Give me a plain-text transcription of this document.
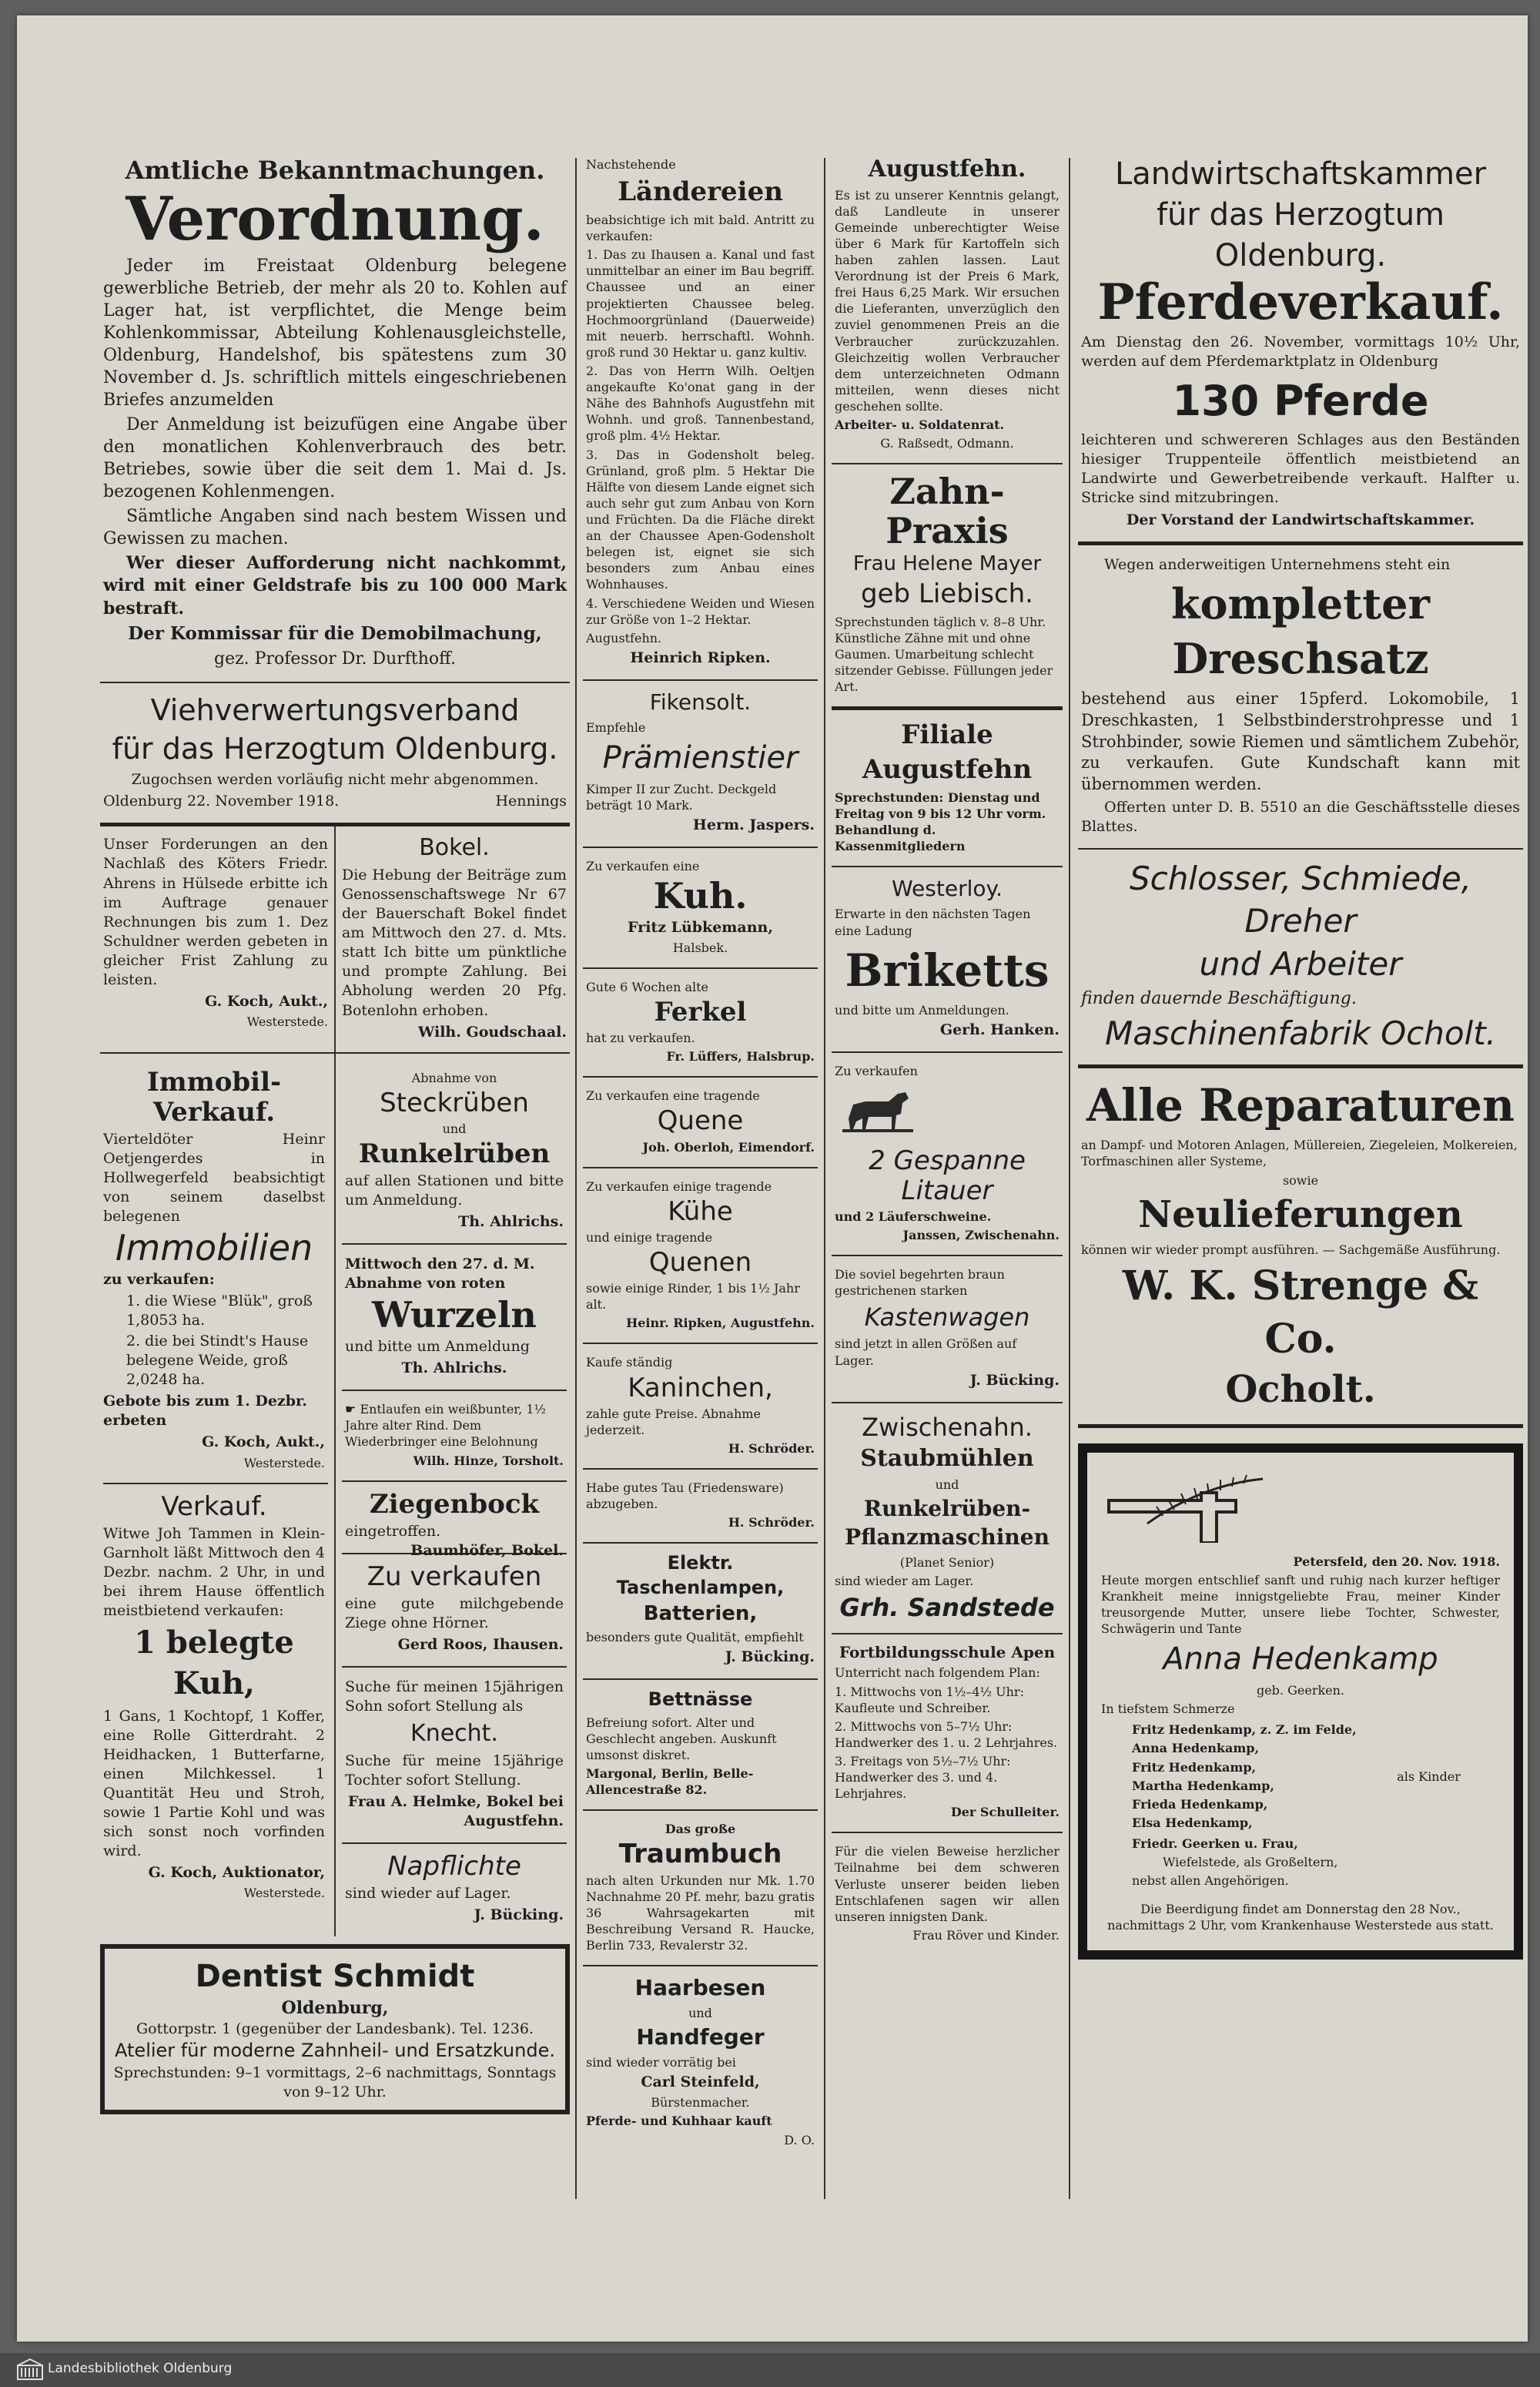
Amtliche Bekanntmachungen.
Verordnung.

Jeder im Freistaat Oldenburg belegene gewerbliche Betrieb, der mehr als 20 to. Kohlen auf Lager hat, ist verpflichtet, die Menge beim Kohlenkommissar, Abteilung Kohlenausgleichstelle, Oldenburg, Handelshof, bis spätestens zum 30 November d. Js. schriftlich mittels eingeschriebenen Briefes anzumelden

Der Anmeldung ist beizufügen eine Angabe über den monatlichen Kohlenverbrauch des betr. Betriebes, sowie über die seit dem 1. Mai d. Js. bezogenen Kohlenmengen.

Sämtliche Angaben sind nach bestem Wissen und Gewissen zu machen.

Wer dieser Aufforderung nicht nachkommt, wird mit einer Geldstrafe bis zu 100 000 Mark bestraft.

Der Kommissar für die Demobilmachung,

gez. Professor Dr. Durfthoff.

Viehverwertungsverband
für das Herzogtum Oldenburg.

Zugochsen werden vorläufig nicht mehr abgenommen.

Oldenburg 22. November 1918.	Hennings

Unser Forderungen an den Nachlaß des Köters Friedr. Ahrens in Hülsede erbitte ich im Auftrage genauer Rechnungen bis zum 1. Dez Schuldner werden gebeten in gleicher Frist Zahlung zu leisten.

G. Koch, Aukt.,

Westerstede.

Bokel.

Die Hebung der Beiträge zum Genossenschaftswege Nr 67 der Bauerschaft Bokel findet am Mittwoch den 27. d. Mts. statt Ich bitte um pünktliche und prompte Zahlung. Bei Abholung werden 20 Pfg. Botenlohn erhoben.

Wilh. Goudschaal.

Immobil-Verkauf.

Vierteldöter Heinr Oetjengerdes in Hollwegerfeld beabsichtigt von seinem daselbst belegenen

Immobilien

zu verkaufen:

1. die Wiese "Blük", groß 1,8053 ha.

2. die bei Stindt's Hause belegene Weide, groß 2,0248 ha.

Gebote bis zum 1. Dezbr. erbeten

G. Koch, Aukt.,

Westerstede.

Verkauf.

Witwe Joh Tammen in Klein-Garnholt läßt Mittwoch den 4 Dezbr. nachm. 2 Uhr, in und bei ihrem Hause öffentlich meistbietend verkaufen:

1 belegte Kuh,

1 Gans, 1 Kochtopf, 1 Koffer, eine Rolle Gitterdraht. 2 Heidhacken, 1 Butterfarne, einen Milchkessel. 1 Quantität Heu und Stroh, sowie 1 Partie Kohl und was sich sonst noch vorfinden wird.

G. Koch, Auktionator,

Westerstede.

Abnahme von

Steckrüben

und

Runkelrüben

auf allen Stationen und bitte um Anmeldung.

Th. Ahlrichs.

Mittwoch den 27. d. M. Abnahme von roten

Wurzeln

und bitte um Anmeldung

Th. Ahlrichs.

☛ Entlaufen ein weißbunter, 1½ Jahre alter Rind. Dem Wiederbringer eine Belohnung

Wilh. Hinze, Torsholt.

Ziegenbock

eingetroffen.
Baumhöfer, Bokel.

Zu verkaufen

eine gute milchgebende Ziege ohne Hörner.

Gerd Roos, Ihausen.

Suche für meinen 15jährigen Sohn sofort Stellung als

Knecht.

Suche für meine 15jährige Tochter sofort Stellung.

Frau A. Helmke, Bokel bei Augustfehn.

Napflichte

sind wieder auf Lager.

J. Bücking.

Dentist Schmidt
Oldenburg,
Gottorpstr. 1 (gegenüber der Landesbank). Tel. 1236.
Atelier für moderne Zahnheil- und Ersatzkunde.
Sprechstunden: 9–1 vormittags, 2–6 nachmittags, Sonntags von 9–12 Uhr.

Nachstehende

Ländereien

beabsichtige ich mit bald. Antritt zu verkaufen:

1. Das zu Ihausen a. Kanal und fast unmittelbar an einer im Bau begriff. Chaussee und an einer projektierten Chaussee beleg. Hochmoorgrünland (Dauerweide) mit neuerb. herrschaftl. Wohnh. groß rund 30 Hektar u. ganz kultiv.

2. Das von Herrn Wilh. Oeltjen angekaufte Ko'onat gang in der Nähe des Bahnhofs Augustfehn mit Wohnh. und groß. Tannenbestand, groß plm. 4½ Hektar.

3. Das in Godensholt beleg. Grünland, groß plm. 5 Hektar Die Hälfte von diesem Lande eignet sich auch sehr gut zum Anbau von Korn und Früchten. Da die Fläche direkt an der Chaussee Apen-Godensholt belegen ist, eignet sie sich besonders zum Anbau eines Wohnhauses.

4. Verschiedene Weiden und Wiesen zur Größe von 1–2 Hektar.

Augustfehn.

Heinrich Ripken.

Fikensolt.

Empfehle

Prämienstier

Kimper II zur Zucht. Deckgeld beträgt 10 Mark.

Herm. Jaspers.

Zu verkaufen eine

Kuh.

Fritz Lübkemann,

Halsbek.

Gute 6 Wochen alte

Ferkel

hat zu verkaufen.

Fr. Lüffers, Halsbrup.

Zu verkaufen eine tragende

Quene

Joh. Oberloh, Eimendorf.

Zu verkaufen einige tragende

Kühe

und einige tragende

Quenen

sowie einige Rinder, 1 bis 1½ Jahr alt.

Heinr. Ripken, Augustfehn.

Kaufe ständig

Kaninchen,

zahle gute Preise. Abnahme jederzeit.

H. Schröder.

Habe gutes Tau (Friedensware) abzugeben.

H. Schröder.

Elektr. Taschenlampen,
Batterien,

besonders gute Qualität, empfiehlt

J. Bücking.

Bettnässe

Befreiung sofort. Alter und Geschlecht angeben. Auskunft umsonst diskret.

Margonal, Berlin, Belle-Allencestraße 82.

Das große

Traumbuch

nach alten Urkunden nur Mk. 1.70 Nachnahme 20 Pf. mehr, bazu gratis 36 Wahrsagekarten mit Beschreibung Versand R. Haucke, Berlin 733, Revalerstr 32.

Haarbesen

und

Handfeger

sind wieder vorrätig bei

Carl Steinfeld,

Bürstenmacher.

Pferde- und Kuhhaar kauft

D. O.

Augustfehn.

Es ist zu unserer Kenntnis gelangt, daß Landleute in unserer Gemeinde unberechtigter Weise über 6 Mark für Kartoffeln sich haben zahlen lassen. Laut Verordnung ist der Preis 6 Mark, frei Haus 6,25 Mark. Wir ersuchen die Lieferanten, unverzüglich den zuviel genommenen Preis an die Verbraucher zurückzuzahlen. Gleichzeitig wollen Verbraucher dem unterzeichneten Odmann mitteilen, wenn dieses nicht geschehen sollte.

Arbeiter- u. Soldatenrat.

G. Raßsedt, Odmann.

Zahn-Praxis
Frau Helene Mayer
geb Liebisch.

Sprechstunden täglich v. 8–8 Uhr. Künstliche Zähne mit und ohne Gaumen. Umarbeitung schlecht sitzender Gebisse. Füllungen jeder Art.

Filiale Augustfehn

Sprechstunden: Dienstag und Freitag von 9 bis 12 Uhr vorm. Behandlung d. Kassenmitgliedern

Westerloy.

Erwarte in den nächsten Tagen eine Ladung

Briketts

und bitte um Anmeldungen.

Gerh. Hanken.

Zu verkaufen

2 Gespanne
Litauer

und 2 Läuferschweine.

Janssen, Zwischenahn.

Die soviel begehrten braun gestrichenen starken

Kastenwagen

sind jetzt in allen Größen auf Lager.

J. Bücking.

Zwischenahn.
Staubmühlen

und

Runkelrüben-Pflanzmaschinen

(Planet Senior)

sind wieder am Lager.

Grh. Sandstede
Fortbildungsschule Apen

Unterricht nach folgendem Plan:

1. Mittwochs von 1½–4½ Uhr: Kaufleute und Schreiber.

2. Mittwochs von 5–7½ Uhr: Handwerker des 1. u. 2 Lehrjahres.

3. Freitags von 5½–7½ Uhr: Handwerker des 3. und 4. Lehrjahres.

Der Schulleiter.

Für die vielen Beweise herzlicher Teilnahme bei dem schweren Verluste unserer beiden lieben Entschlafenen sagen wir allen unseren innigsten Dank.

Frau Röver und Kinder.

Landwirtschaftskammer
für das Herzogtum Oldenburg.
Pferdeverkauf.

Am Dienstag den 26. November, vormittags 10½ Uhr, werden auf dem Pferdemarktplatz in Oldenburg

130 Pferde

leichteren und schwereren Schlages aus den Beständen hiesiger Truppenteile öffentlich meistbietend an Landwirte und Gewerbetreibende verkauft. Halfter u. Stricke sind mitzubringen.

Der Vorstand der Landwirtschaftskammer.

Wegen anderweitigen Unternehmens steht ein

kompletter Dreschsatz

bestehend aus einer 15pferd. Lokomobile, 1 Dreschkasten, 1 Selbstbinderstrohpresse und 1 Strohbinder, sowie Riemen und sämtlichem Zubehör, zu verkaufen. Gute Kundschaft kann mit übernommen werden.

Offerten unter D. B. 5510 an die Geschäftsstelle dieses Blattes.

Schlosser, Schmiede, Dreher
und Arbeiter

finden dauernde Beschäftigung.

Maschinenfabrik Ocholt.
Alle Reparaturen

an Dampf- und Motoren Anlagen, Müllereien, Ziegeleien, Molkereien, Torfmaschinen aller Systeme,

sowie

Neulieferungen

können wir wieder prompt ausführen. — Sachgemäße Ausführung.

W. K. Strenge & Co.
Ocholt.

Petersfeld, den 20. Nov. 1918.

Heute morgen entschlief sanft und ruhig nach kurzer heftiger Krankheit meine innigstgeliebte Frau, meiner Kinder treusorgende Mutter, unsere liebe Tochter, Schwester, Schwägerin und Tante

Anna Hedenkamp

geb. Geerken.

In tiefstem Schmerze

Fritz Hedenkamp, z. Z. im Felde,

Anna Hedenkamp,

Fritz Hedenkamp,

Martha Hedenkamp,

Frieda Hedenkamp,

Elsa Hedenkamp,

als Kinder

Friedr. Geerken u. Frau,

Wiefelstede, als Großeltern,

nebst allen Angehörigen.

Die Beerdigung findet am Donnerstag den 28 Nov., nachmittags 2 Uhr, vom Krankenhause Westerstede aus statt.

Landesbibliothek Oldenburg
